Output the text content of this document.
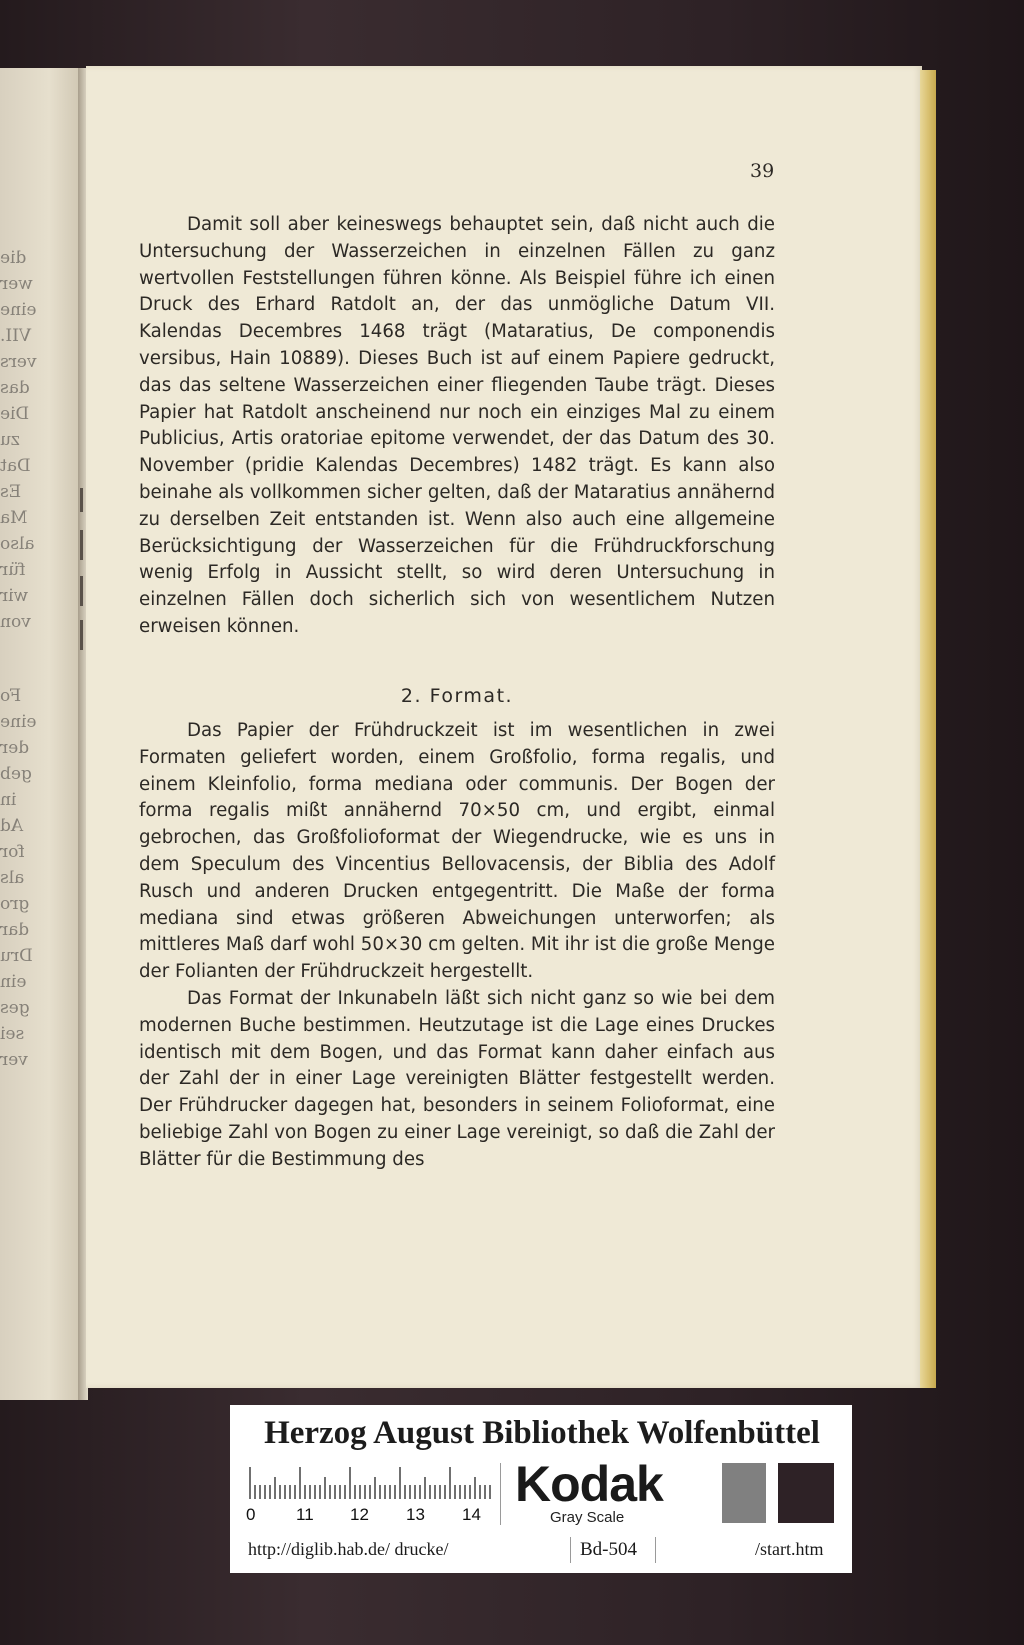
die
wer
eine
VII.
vers
das
Die
zu
Dat
Es
Ma
also
für
wir
von
Fo
eine
der
geb
in
Ad
for
als
gro
dar
Dru
ein
ges
sei
ver
39

Damit soll aber keineswegs behauptet sein, daß nicht auch die Untersuchung der Wasserzeichen in einzelnen Fällen zu ganz wertvollen Feststellungen führen könne. Als Beispiel führe ich einen Druck des Erhard Ratdolt an, der das unmögliche Datum VII. Kalendas Decembres 1468 trägt (Mataratius, De componendis versibus, Hain 10889). Dieses Buch ist auf einem Papiere gedruckt, das das seltene Wasserzeichen einer fliegenden Taube trägt. Dieses Papier hat Ratdolt anscheinend nur noch ein einziges Mal zu einem Publicius, Artis oratoriae epitome verwendet, der das Datum des 30. November (pridie Kalendas Decembres) 1482 trägt. Es kann also beinahe als vollkommen sicher gelten, daß der Mataratius annähernd zu derselben Zeit entstanden ist. Wenn also auch eine allgemeine Berücksichtigung der Wasserzeichen für die Frühdruckforschung wenig Erfolg in Aussicht stellt, so wird deren Untersuchung in einzelnen Fällen doch sicherlich sich von wesentlichem Nutzen erweisen können.

2. Format.

Das Papier der Frühdruckzeit ist im wesentlichen in zwei Formaten geliefert worden, einem Großfolio, forma regalis, und einem Kleinfolio, forma mediana oder communis. Der Bogen der forma regalis mißt annähernd 70×50 cm, und ergibt, einmal gebrochen, das Großfolioformat der Wiegendrucke, wie es uns in dem Speculum des Vincentius Bellovacensis, der Biblia des Adolf Rusch und anderen Drucken entgegentritt. Die Maße der forma mediana sind etwas größeren Abweichungen unterworfen; als mittleres Maß darf wohl 50×30 cm gelten. Mit ihr ist die große Menge der Folianten der Frühdruckzeit hergestellt.

Das Format der Inkunabeln läßt sich nicht ganz so wie bei dem modernen Buche bestimmen. Heutzutage ist die Lage eines Druckes identisch mit dem Bogen, und das Format kann daher einfach aus der Zahl der in einer Lage vereinigten Blätter festgestellt werden. Der Frühdrucker dagegen hat, besonders in seinem Folioformat, eine beliebige Zahl von Bogen zu einer Lage vereinigt, so daß die Zahl der Blätter für die Bestimmung des

Herzog August Bibliothek Wolfenbüttel
0 11 12 13 14
Kodak
Gray Scale
http://diglib.hab.de/ drucke/	Bd-504	/start.htm
